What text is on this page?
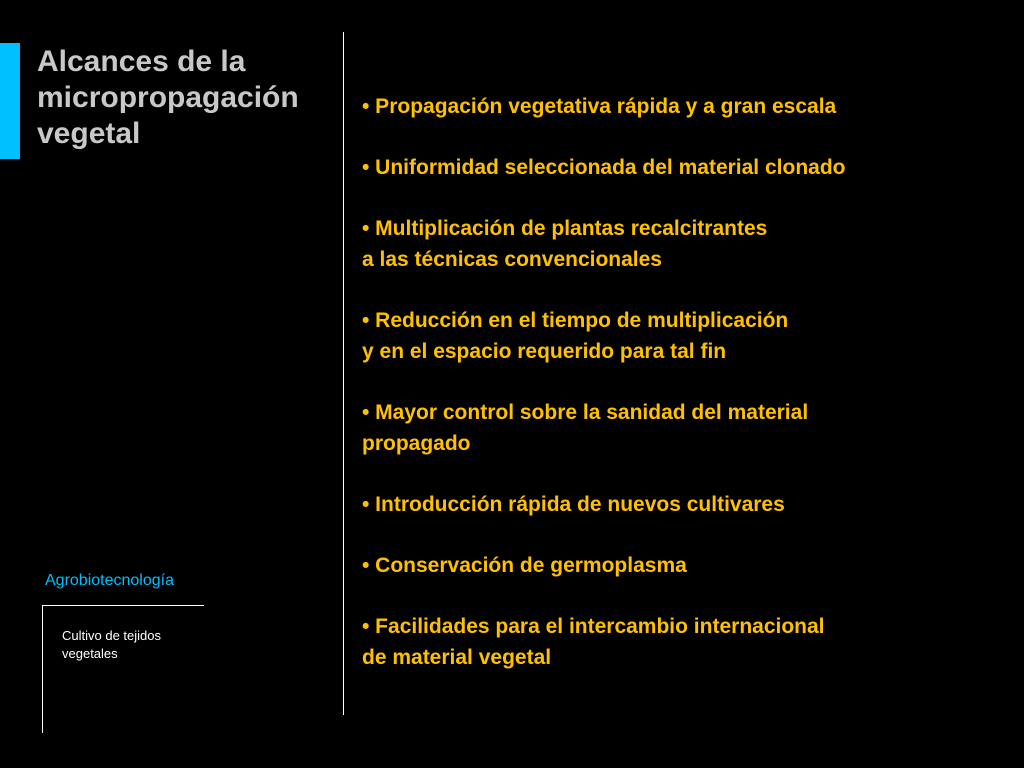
Alcances de la
micropropagación
vegetal
• Propagación vegetativa rápida y a gran escala
• Uniformidad seleccionada del material clonado
• Multiplicación de plantas recalcitrantes
a las técnicas convencionales
• Reducción en el tiempo de multiplicación
y en el espacio requerido para tal fin
• Mayor control sobre la sanidad del material
propagado
• Introducción rápida de nuevos cultivares
• Conservación de germoplasma
• Facilidades para el intercambio internacional
de material vegetal
Agrobiotecnología
Cultivo de tejidos
vegetales
